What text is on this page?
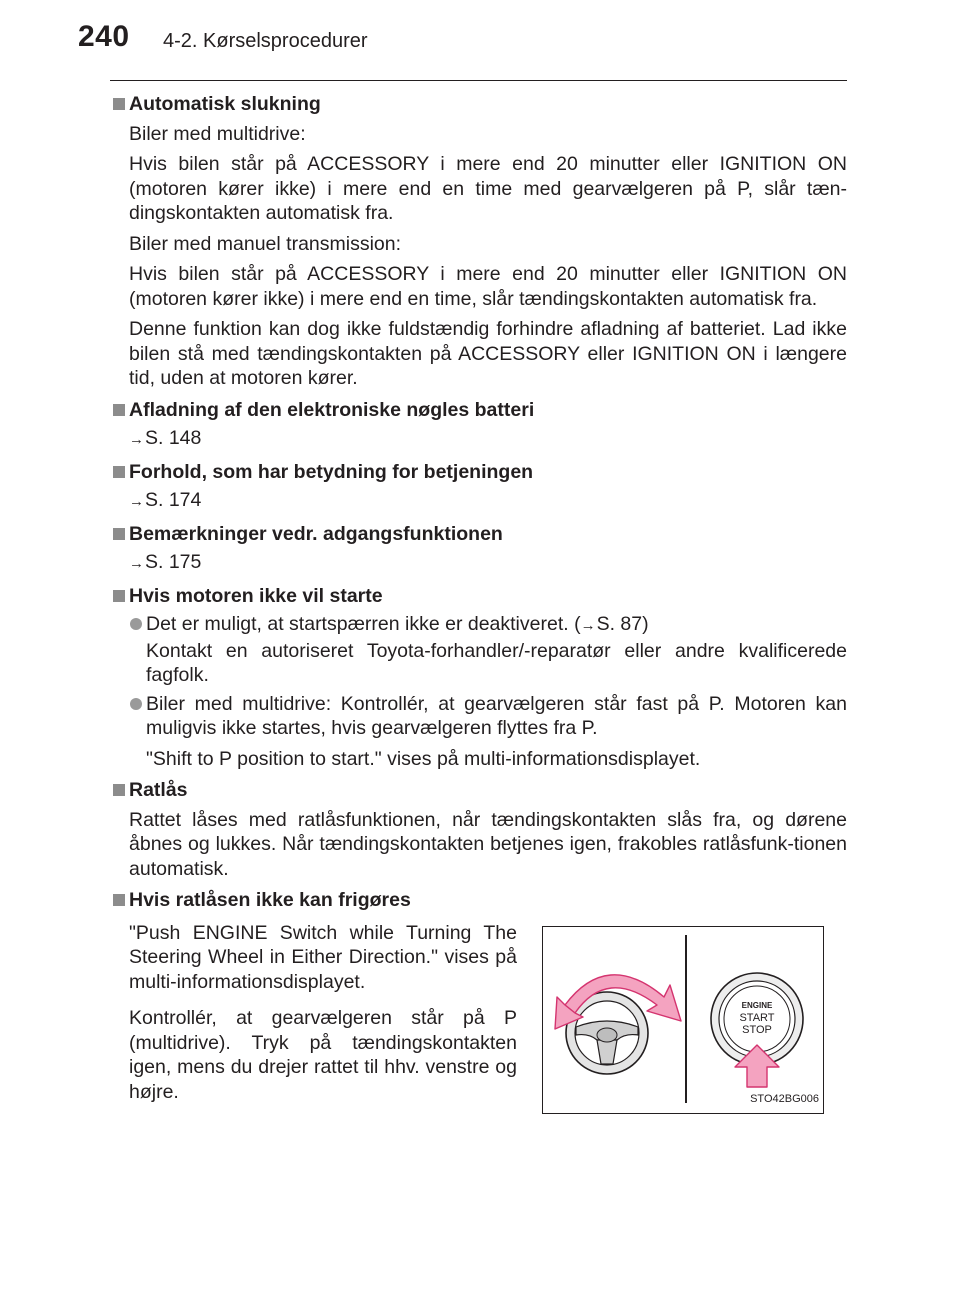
240 4-2. Kørselsprocedurer
Automatisk slukning
Biler med multidrive:
Hvis bilen står på ACCESSORY i mere end 20 minutter eller IGNITION ON (motoren kører ikke) i mere end en time med gearvælgeren på P, slår tæn-dingskontakten automatisk fra.
Biler med manuel transmission:
Hvis bilen står på ACCESSORY i mere end 20 minutter eller IGNITION ON (motoren kører ikke) i mere end en time, slår tændingskontakten automatisk fra.
Denne funktion kan dog ikke fuldstændig forhindre afladning af batteriet. Lad ikke bilen stå med tændingskontakten på ACCESSORY eller IGNITION ON i længere tid, uden at motoren kører.
Afladning af den elektroniske nøgles batteri
→S. 148
Forhold, som har betydning for betjeningen
→S. 174
Bemærkninger vedr. adgangsfunktionen
→S. 175
Hvis motoren ikke vil starte
Det er muligt, at startspærren ikke er deaktiveret. (→S. 87)
Kontakt en autoriseret Toyota-forhandler/-reparatør eller andre kvalificerede fagfolk.
Biler med multidrive: Kontrollér, at gearvælgeren står fast på P. Motoren kan muligvis ikke startes, hvis gearvælgeren flyttes fra P.
"Shift to P position to start." vises på multi-informationsdisplayet.
Ratlås
Rattet låses med ratlåsfunktionen, når tændingskontakten slås fra, og dørene åbnes og lukkes. Når tændingskontakten betjenes igen, frakobles ratlåsfunk-tionen automatisk.
Hvis ratlåsen ikke kan frigøres
"Push ENGINE Switch while Turning The Steering Wheel in Either Direction." vises på multi-informationsdisplayet.
Kontrollér, at gearvælgeren står på P (multidrive). Tryk på tændingskontakten igen, mens du drejer rattet til hhv. venstre og højre.
ENGINE
START
STOP
STO42BG006
